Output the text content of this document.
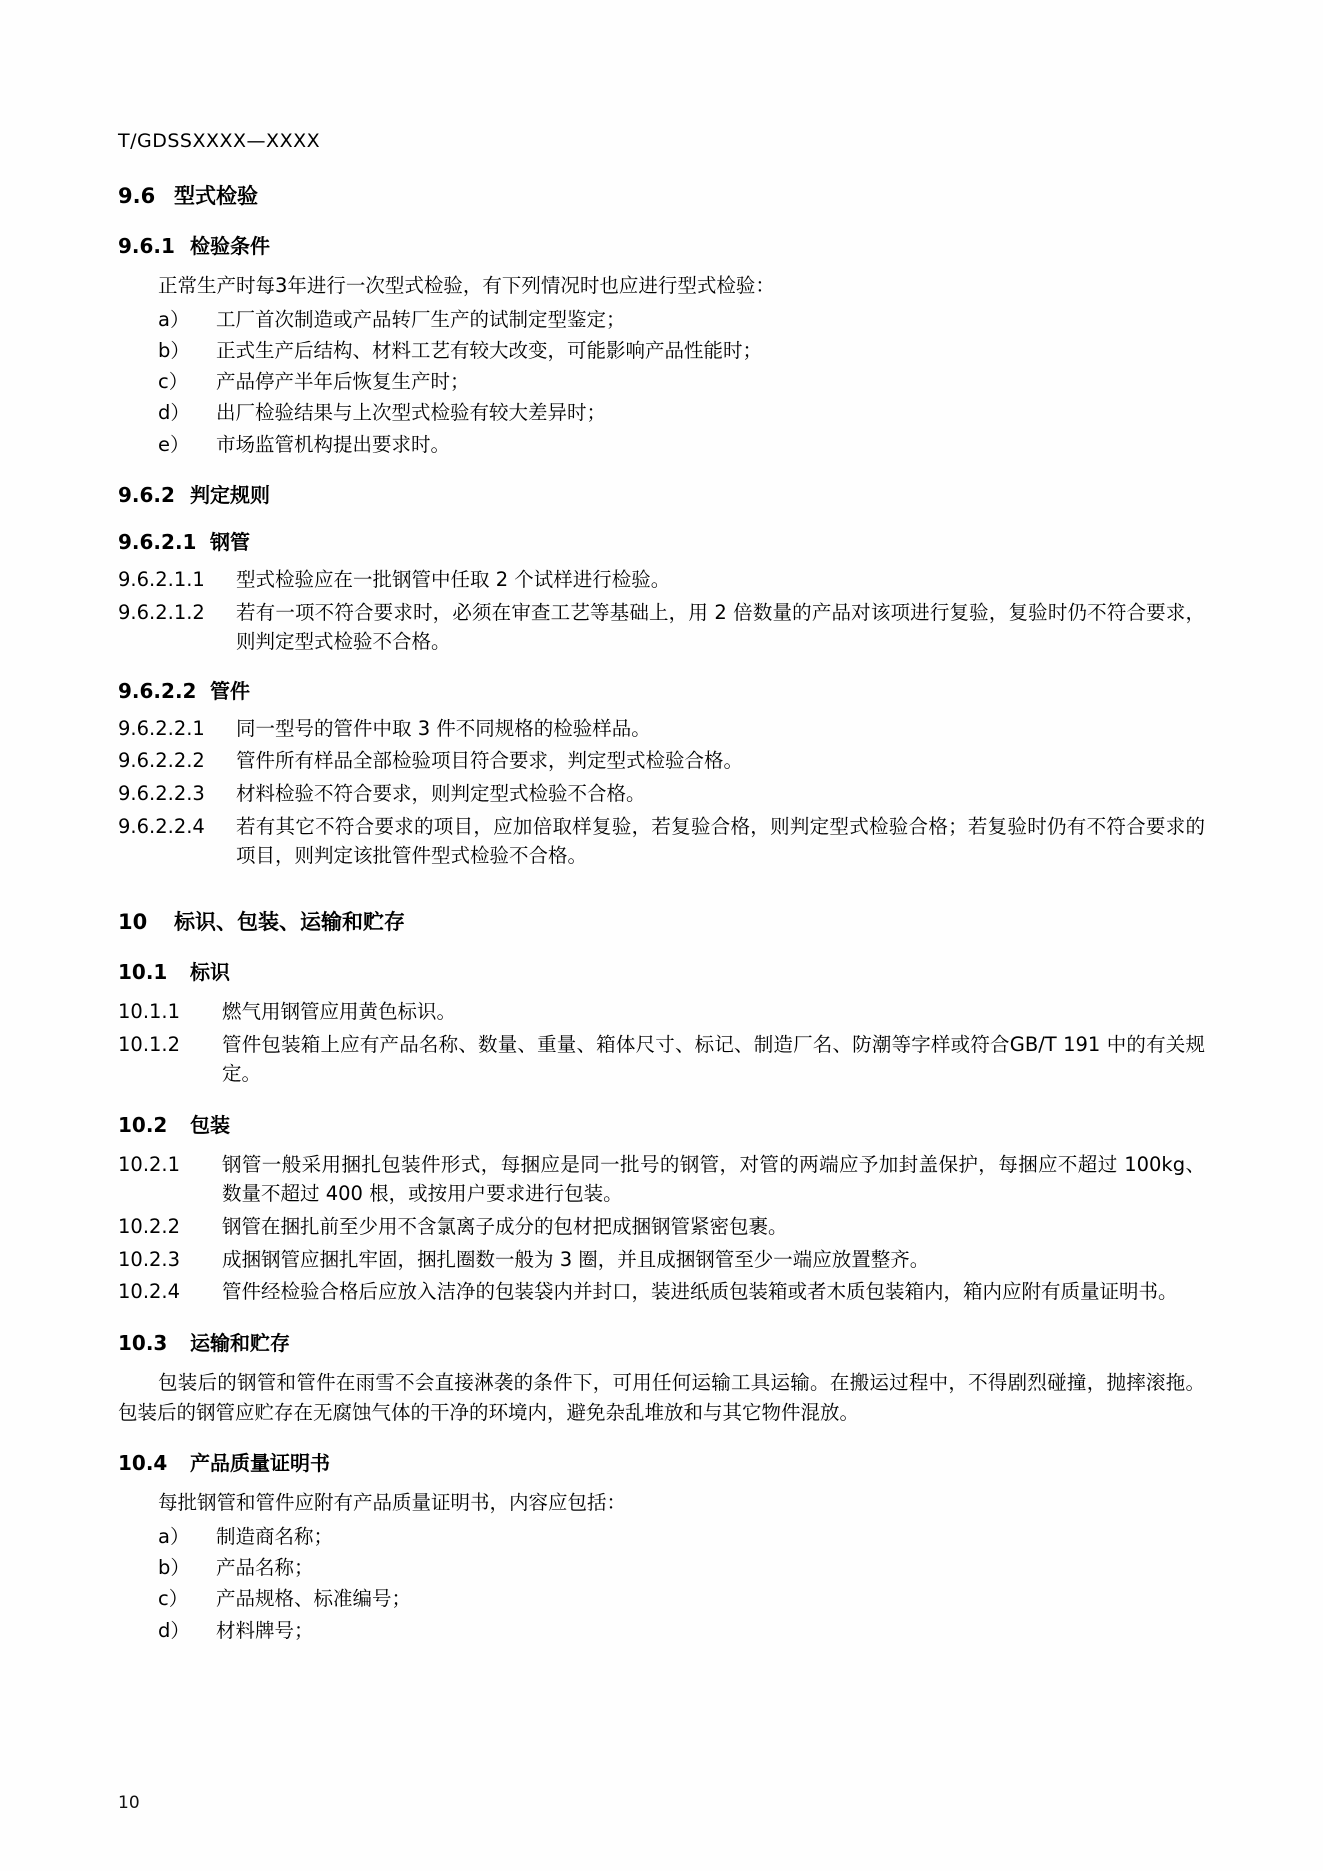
T/GDSSXXXX—XXXX
9.6 型式检验
9.6.1 检验条件
正常生产时每3年进行一次型式检验，有下列情况时也应进行型式检验：
a）	工厂首次制造或产品转厂生产的试制定型鉴定；
b）	正式生产后结构、材料工艺有较大改变，可能影响产品性能时；
c）	产品停产半年后恢复生产时；
d）	出厂检验结果与上次型式检验有较大差异时；
e）	市场监管机构提出要求时。
9.6.2 判定规则
9.6.2.1 钢管
9.6.2.1.1	型式检验应在一批钢管中任取 2 个试样进行检验。
9.6.2.1.2	若有一项不符合要求时，必须在审查工艺等基础上，用 2 倍数量的产品对该项进行复验，复验时仍不符合要求，则判定型式检验不合格。
9.6.2.2 管件
9.6.2.2.1	同一型号的管件中取 3 件不同规格的检验样品。
9.6.2.2.2	管件所有样品全部检验项目符合要求，判定型式检验合格。
9.6.2.2.3	材料检验不符合要求，则判定型式检验不合格。
9.6.2.2.4	若有其它不符合要求的项目，应加倍取样复验，若复验合格，则判定型式检验合格；若复验时仍有不符合要求的项目，则判定该批管件型式检验不合格。
10 标识、包装、运输和贮存
10.1 标识
10.1.1	燃气用钢管应用黄色标识。
10.1.2	管件包装箱上应有产品名称、数量、重量、箱体尺寸、标记、制造厂名、防潮等字样或符合GB/T 191 中的有关规定。
10.2 包装
10.2.1	钢管一般采用捆扎包装件形式，每捆应是同一批号的钢管，对管的两端应予加封盖保护，每捆应不超过 100kg、数量不超过 400 根，或按用户要求进行包装。
10.2.2	钢管在捆扎前至少用不含氯离子成分的包材把成捆钢管紧密包裹。
10.2.3	成捆钢管应捆扎牢固，捆扎圈数一般为 3 圈，并且成捆钢管至少一端应放置整齐。
10.2.4	管件经检验合格后应放入洁净的包装袋内并封口，装进纸质包装箱或者木质包装箱内，箱内应附有质量证明书。
10.3 运输和贮存
包装后的钢管和管件在雨雪不会直接淋袭的条件下，可用任何运输工具运输。在搬运过程中，不得剧烈碰撞，抛摔滚拖。包装后的钢管应贮存在无腐蚀气体的干净的环境内，避免杂乱堆放和与其它物件混放。
10.4 产品质量证明书
每批钢管和管件应附有产品质量证明书，内容应包括：
a）	制造商名称；
b）	产品名称；
c）	产品规格、标准编号；
d）	材料牌号；
10
